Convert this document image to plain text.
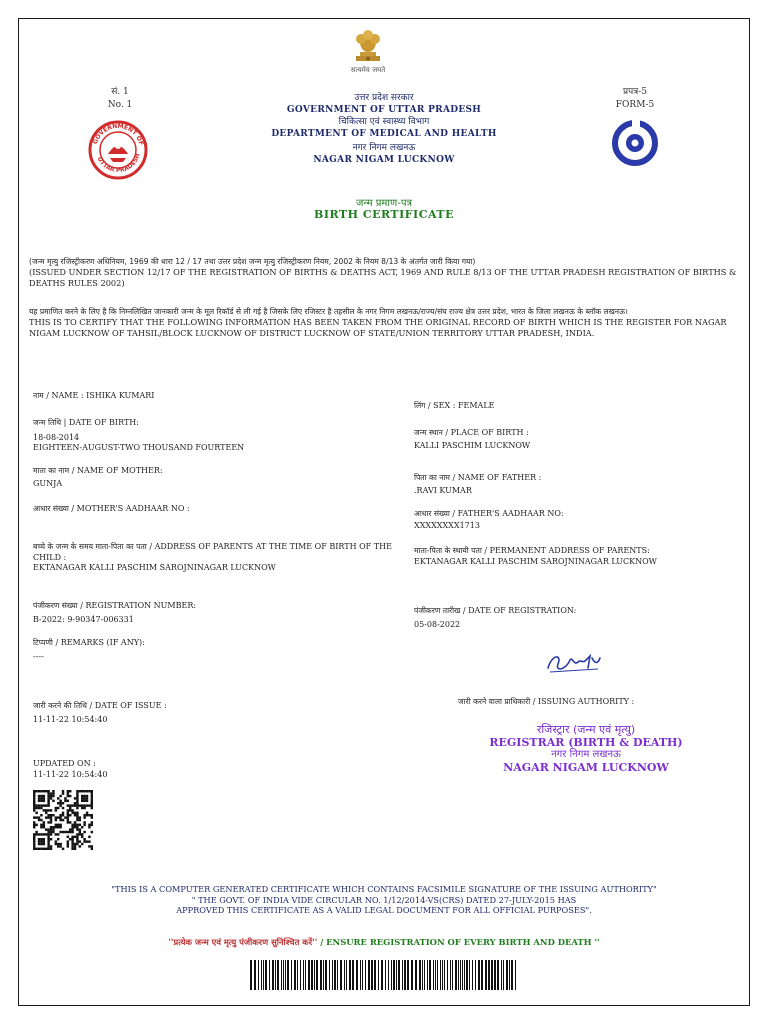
सत्यमेव जयते
सं. 1
No. 1
प्रपत्र-5
FORM-5
GOVERNMENT OF
UTTAR PRADESH
उत्तर प्रदेश सरकार
GOVERNMENT OF UTTAR PRADESH
चिकित्सा एवं स्वास्थ्य विभाग
DEPARTMENT OF MEDICAL AND HEALTH
नगर निगम लखनऊ
NAGAR NIGAM LUCKNOW
जन्म प्रमाण-पत्र
BIRTH CERTIFICATE
(जन्म मृत्यु रजिस्ट्रीकरण अधिनियम, 1969 की धारा 12 / 17 तथा उत्तर प्रदेश जन्म मृत्यु रजिस्ट्रीकरण नियम, 2002 के नियम 8/13 के अंतर्गत जारी किया गया)
(ISSUED UNDER SECTION 12/17 OF THE REGISTRATION OF BIRTHS & DEATHS ACT, 1969 AND RULE 8/13 OF THE UTTAR PRADESH REGISTRATION OF BIRTHS & DEATHS RULES 2002)
यह प्रमाणित करने के लिए है कि निम्नलिखित जानकारी जन्म के मूल रिकॉर्ड से ली गई है जिसके लिए रजिस्टर है तहसील के नगर निगम लखनऊ/राज्य/संघ राज्य क्षेत्र उत्तर प्रदेश, भारत के जिला लखनऊ के ब्लॉक लखनऊ।
THIS IS TO CERTIFY THAT THE FOLLOWING INFORMATION HAS BEEN TAKEN FROM THE ORIGINAL RECORD OF BIRTH WHICH IS THE REGISTER FOR NAGAR NIGAM LUCKNOW OF TAHSIL/BLOCK LUCKNOW OF DISTRICT LUCKNOW OF STATE/UNION TERRITORY UTTAR PRADESH, INDIA.
नाम / NAME : ISHIKA KUMARI
जन्म तिथि | DATE OF BIRTH:
18-08-2014
EIGHTEEN-AUGUST-TWO THOUSAND FOURTEEN
माता का नाम / NAME OF MOTHER:
GUNJA
आधार संख्या / MOTHER'S AADHAAR NO :
बच्चे के जन्म के समय माता-पिता का पता / ADDRESS OF PARENTS AT THE TIME OF BIRTH OF THE CHILD :
EKTANAGAR KALLI PASCHIM SAROJNINAGAR LUCKNOW
पंजीकरण संख्या / REGISTRATION NUMBER:
B-2022: 9-90347-006331
टिप्पणी / REMARKS (IF ANY):
----
जारी करने की तिथि / DATE OF ISSUE :
11-11-22 10:54:40
UPDATED ON :
11-11-22 10:54:40
लिंग / SEX : FEMALE
जन्म स्थान / PLACE OF BIRTH :
KALLI PASCHIM LUCKNOW
पिता का नाम / NAME OF FATHER :
.RAVI KUMAR
आधार संख्या / FATHER'S AADHAAR NO:
XXXXXXXX1713
माता-पिता के स्थायी पता / PERMANENT ADDRESS OF PARENTS:
EKTANAGAR KALLI PASCHIM SAROJNINAGAR LUCKNOW
पंजीकरण तारीख / DATE OF REGISTRATION:
05-08-2022
जारी करने वाला प्राधिकारी / ISSUING AUTHORITY :
रजिस्ट्रार (जन्म एवं मृत्यु)
REGISTRAR (BIRTH & DEATH)
नगर निगम लखनऊ
NAGAR NIGAM LUCKNOW
"THIS IS A COMPUTER GENERATED CERTIFICATE WHICH CONTAINS FACSIMILE SIGNATURE OF THE ISSUING AUTHORITY"
" THE GOVT. OF INDIA VIDE CIRCULAR NO. 1/12/2014-VS(CRS) DATED 27-JULY-2015 HAS
APPROVED THIS CERTIFICATE AS A VALID LEGAL DOCUMENT FOR ALL OFFICIAL PURPOSES".
''प्रत्येक जन्म एवं मृत्यु पंजीकरण सुनिश्चित करें'' / ENSURE REGISTRATION OF EVERY BIRTH AND DEATH ''
